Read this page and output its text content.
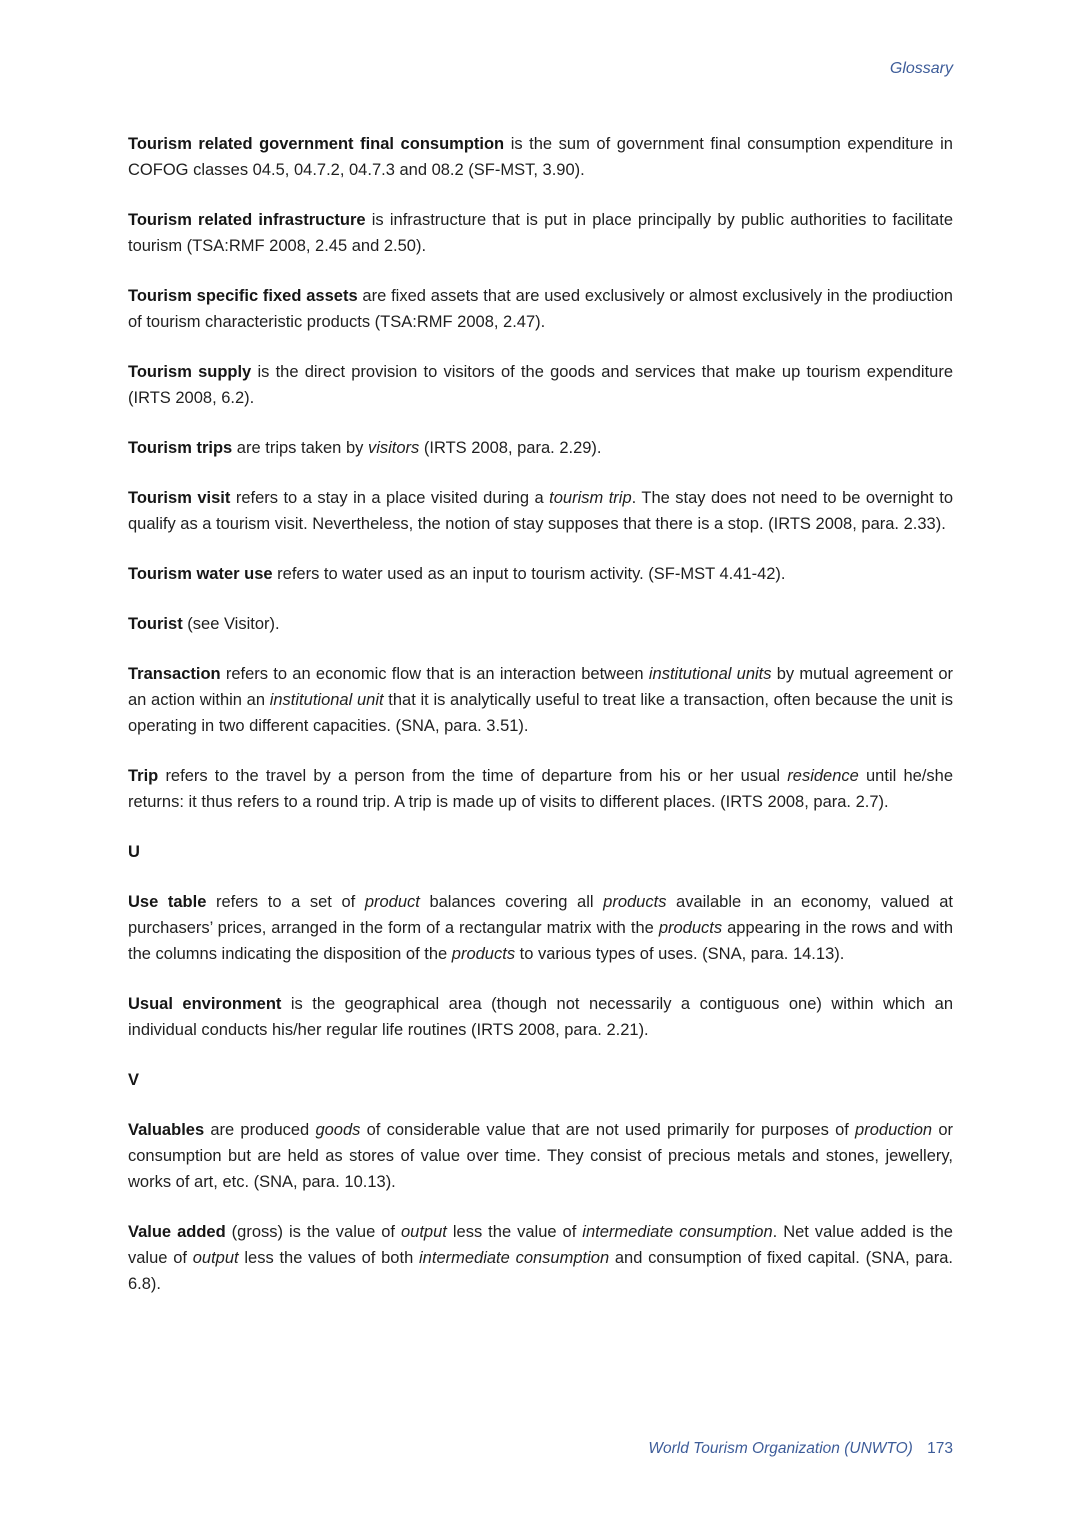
Glossary

Tourism related government final consumption is the sum of government final consumption expenditure in COFOG classes 04.5, 04.7.2, 04.7.3 and 08.2 (SF-MST, 3.90).

Tourism related infrastructure is infrastructure that is put in place principally by public authorities to facilitate tourism (TSA:RMF 2008, 2.45 and 2.50).

Tourism specific fixed assets are fixed assets that are used exclusively or almost exclusively in the prodiuction of tourism characteristic products (TSA:RMF 2008, 2.47).

Tourism supply is the direct provision to visitors of the goods and services that make up tourism expenditure (IRTS 2008, 6.2).

Tourism trips are trips taken by visitors (IRTS 2008, para. 2.29).

Tourism visit refers to a stay in a place visited during a tourism trip. The stay does not need to be overnight to qualify as a tourism visit. Nevertheless, the notion of stay supposes that there is a stop. (IRTS 2008, para. 2.33).

Tourism water use refers to water used as an input to tourism activity. (SF-MST 4.41-42).

Tourist (see Visitor).

Transaction refers to an economic flow that is an interaction between institutional units by mutual agreement or an action within an institutional unit that it is analytically useful to treat like a transaction, often because the unit is operating in two different capacities. (SNA, para. 3.51).

Trip refers to the travel by a person from the time of departure from his or her usual residence until he/she returns: it thus refers to a round trip. A trip is made up of visits to different places. (IRTS 2008, para. 2.7).

U

Use table refers to a set of product balances covering all products available in an economy, valued at purchasers’ prices, arranged in the form of a rectangular matrix with the products appearing in the rows and with the columns indicating the disposition of the products to various types of uses. (SNA, para. 14.13).

Usual environment is the geographical area (though not necessarily a contiguous one) within which an individual conducts his/her regular life routines (IRTS 2008, para. 2.21).

V

Valuables are produced goods of considerable value that are not used primarily for purposes of production or consumption but are held as stores of value over time. They consist of precious metals and stones, jewellery, works of art, etc. (SNA, para. 10.13).

Value added (gross) is the value of output less the value of intermediate consumption. Net value added is the value of output less the values of both intermediate consumption and consumption of fixed capital. (SNA, para. 6.8).

World Tourism Organization (UNWTO) 173
